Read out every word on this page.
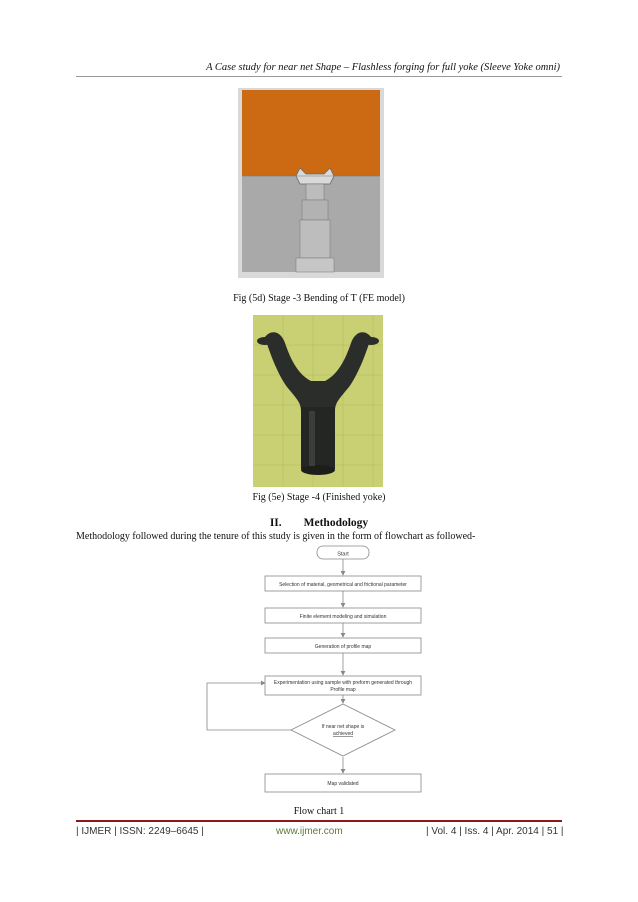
A Case study for near net Shape – Flashless forging for full yoke (Sleeve Yoke omni)
Fig (5d) Stage -3 Bending of T (FE model)
Fig (5e) Stage -4 (Finished yoke)
II. Methodology
Methodology followed during the tenure of this study is given in the form of flowchart as followed-
Start
Selection of material, geometrical and frictional parameter
Finite element modeling and simulation
Generation of profile map
Experimentation using sample with preform generated through
Profile map
If near net shape is
achieved
Map validated
Flow chart 1
| IJMER | ISSN: 2249–6645 |	www.ijmer.com	| Vol. 4 | Iss. 4 | Apr. 2014 | 51 |
